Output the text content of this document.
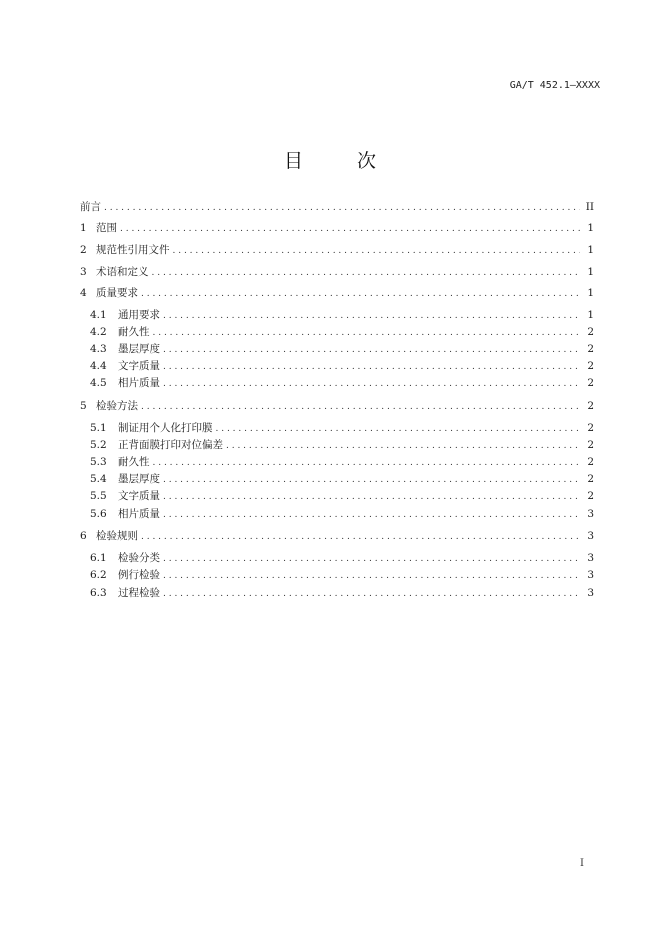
GA/T 452.1—XXXX
目	次
前言 . . .	II
1 范围 . . .	1
2 规范性引用文件 . . .	1
3 术语和定义 . . .	1
4 质量要求 . . .	1
4.1	通用要求 . . .	1
4.2	耐久性 . . .	2
4.3	墨层厚度 . . .	2
4.4	文字质量 . . .	2
4.5	相片质量 . . .	2
5 检验方法 . . .	2
5.1	制证用个人化打印膜 . . .	2
5.2	正背面膜打印对位偏差 . . .	2
5.3	耐久性 . . .	2
5.4	墨层厚度 . . .	2
5.5	文字质量 . . .	2
5.6	相片质量 . . .	3
6 检验规则 . . .	3
6.1	检验分类 . . .	3
6.2	例行检验 . . .	3
6.3	过程检验 . . .	3
I
